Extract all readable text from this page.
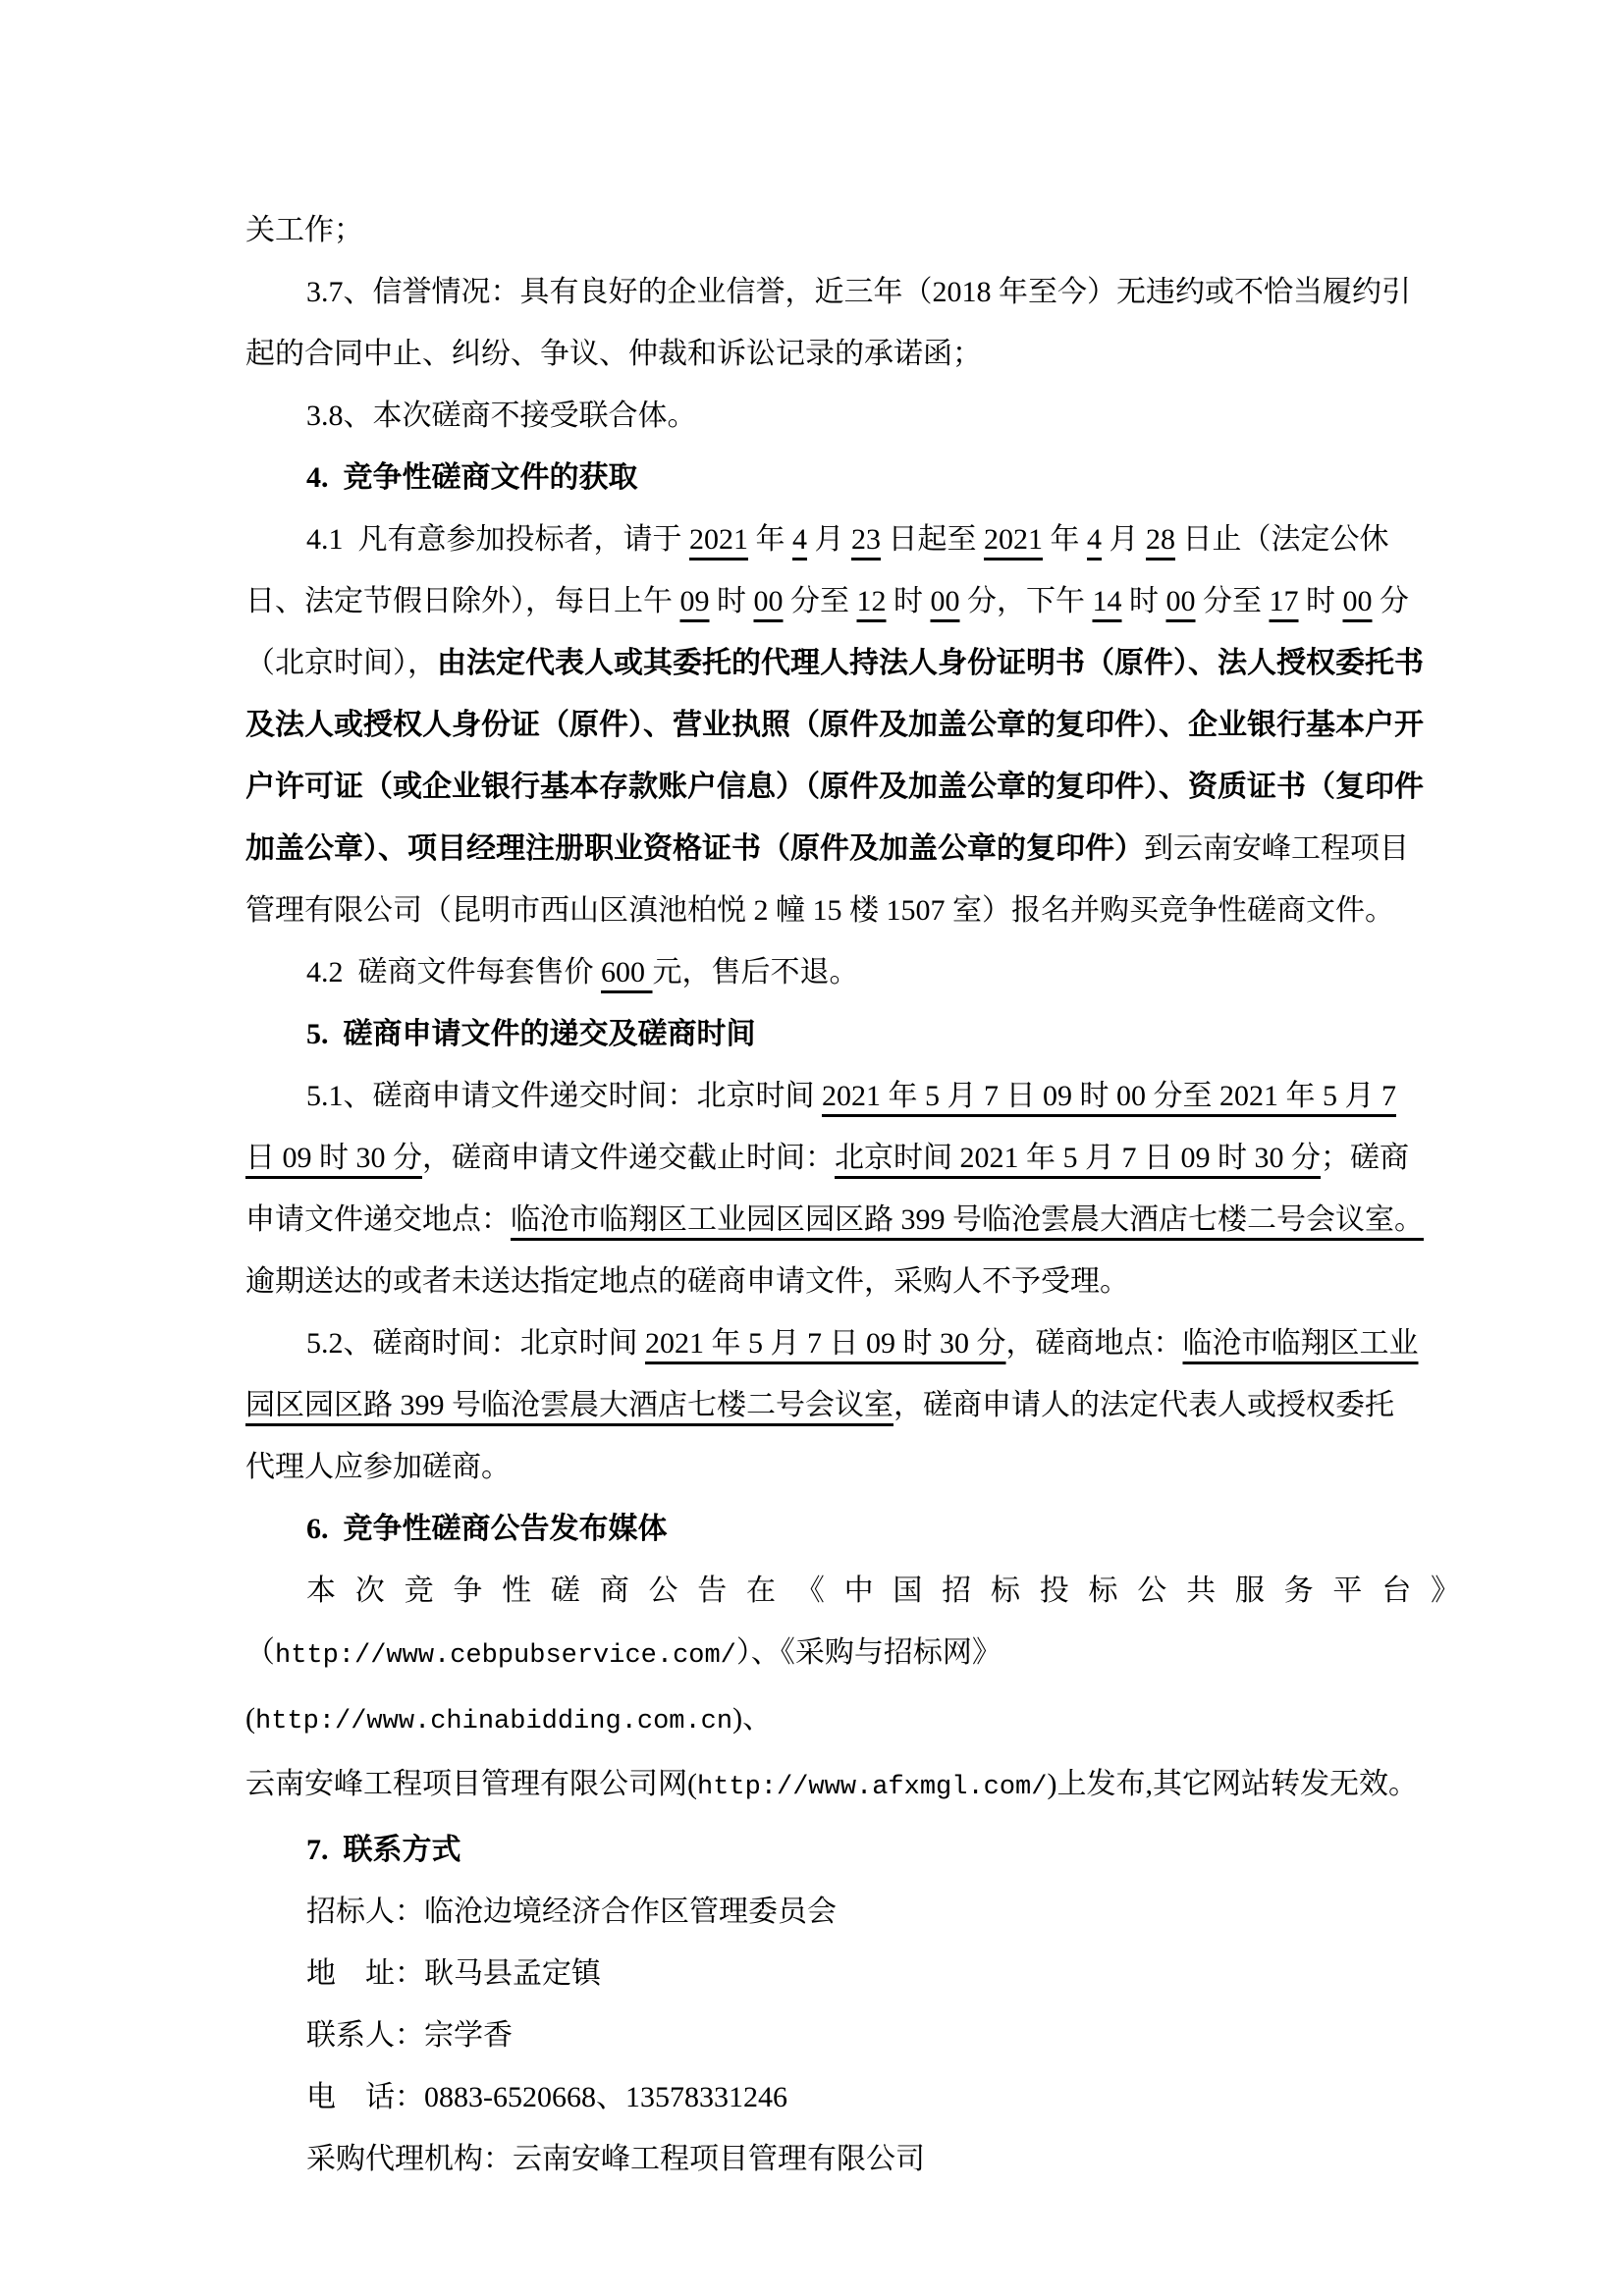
关工作；
3.7、信誉情况：具有良好的企业信誉，近三年（2018 年至今）无违约或不恰当履约引
起的合同中止、纠纷、争议、仲裁和诉讼记录的承诺函；
3.8、本次磋商不接受联合体。
4.  竞争性磋商文件的获取
4.1  凡有意参加投标者，请于 2021 年 4 月 23 日起至 2021 年 4 月 28 日止（法定公休
日、法定节假日除外），每日上午 09 时 00 分至 12 时 00 分，下午 14 时 00 分至 17 时 00 分
（北京时间），由法定代表人或其委托的代理人持法人身份证明书（原件）、法人授权委托书
及法人或授权人身份证（原件）、营业执照（原件及加盖公章的复印件）、企业银行基本户开
户许可证（或企业银行基本存款账户信息）（原件及加盖公章的复印件）、资质证书（复印件
加盖公章）、项目经理注册职业资格证书（原件及加盖公章的复印件）到云南安峰工程项目
管理有限公司（昆明市西山区滇池柏悦 2 幢 15 楼 1507 室）报名并购买竞争性磋商文件。
4.2  磋商文件每套售价 600 元，售后不退。
5.  磋商申请文件的递交及磋商时间
5.1、磋商申请文件递交时间：北京时间 2021 年 5 月 7 日 09 时 00 分至 2021 年 5 月 7
日 09 时 30 分，磋商申请文件递交截止时间：北京时间 2021 年 5 月 7 日 09 时 30 分；磋商
申请文件递交地点：临沧市临翔区工业园区园区路 399 号临沧雲晨大酒店七楼二号会议室。
逾期送达的或者未送达指定地点的磋商申请文件，采购人不予受理。
5.2、磋商时间：北京时间 2021 年 5 月 7 日 09 时 30 分，磋商地点：临沧市临翔区工业
园区园区路 399 号临沧雲晨大酒店七楼二号会议室，磋商申请人的法定代表人或授权委托
代理人应参加磋商。
6.  竞争性磋商公告发布媒体
本次竞争性磋商公告在《中国招标投标公共服务平台》
（http://www.cebpubservice.com/）、《采购与招标网》(http://www.chinabidding.com.cn)、
云南安峰工程项目管理有限公司网(http://www.afxmgl.com/)上发布,其它网站转发无效。
7.  联系方式
招标人：临沧边境经济合作区管理委员会
地　址：耿马县孟定镇
联系人：宗学香
电　话：0883-6520668、13578331246
采购代理机构：云南安峰工程项目管理有限公司
